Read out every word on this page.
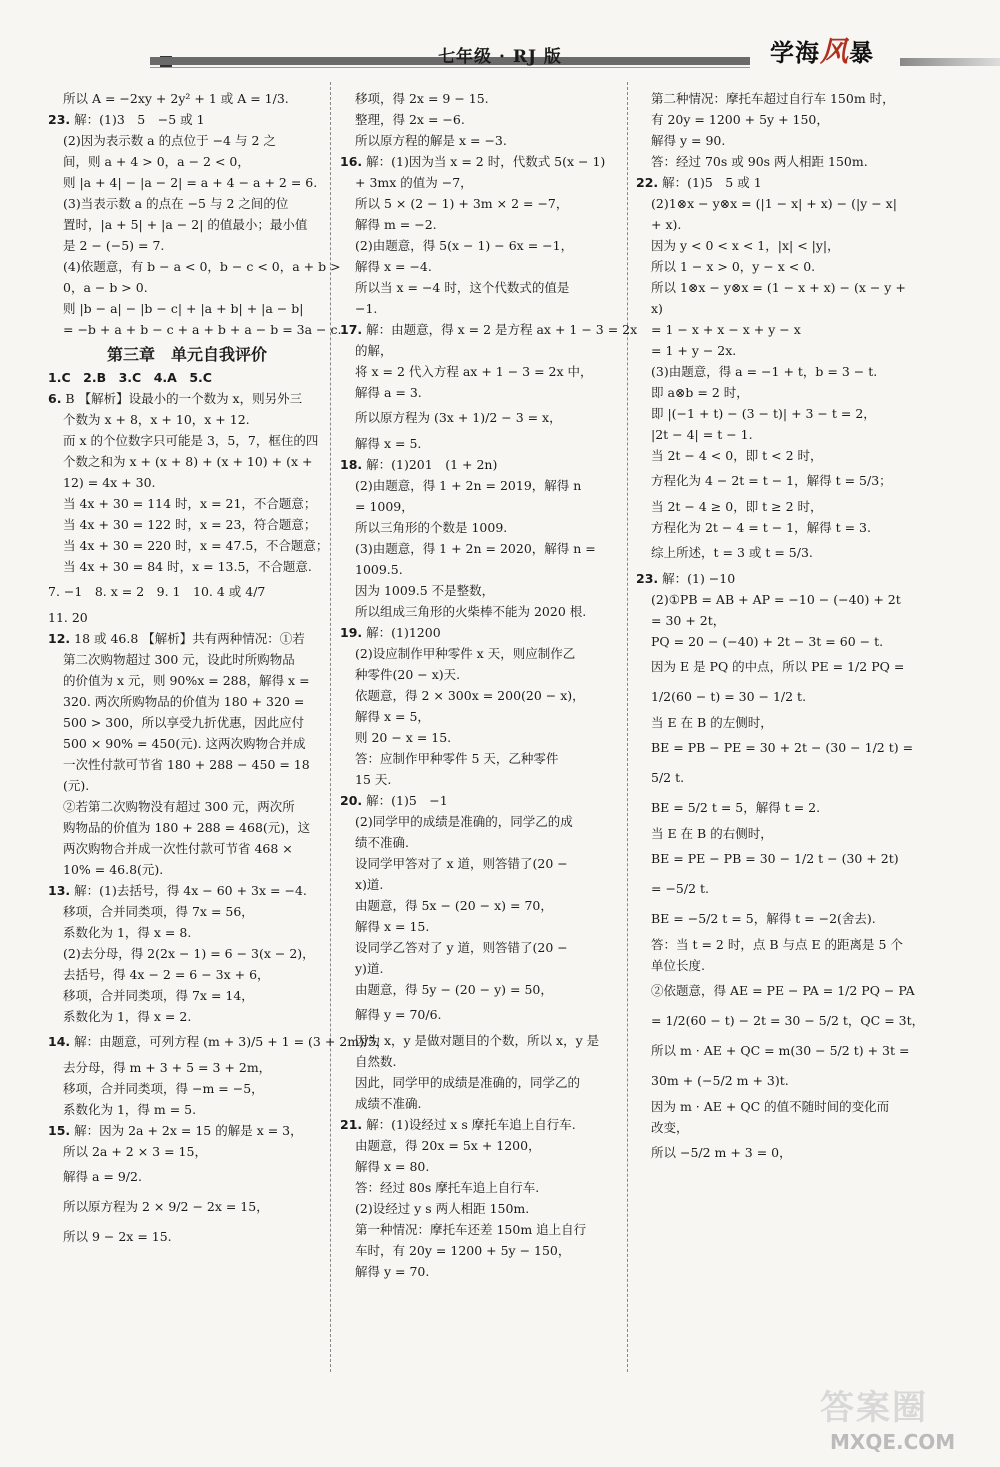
七年级 · RJ 版	学海风暴
所以 A = −2xy + 2y² + 1 或 A = 1/3.
23. 解：(1)3　5　−5 或 1
(2)因为表示数 a 的点位于 −4 与 2 之
间，则 a + 4 > 0，a − 2 < 0，
则 |a + 4| − |a − 2| = a + 4 − a + 2 = 6.
(3)当表示数 a 的点在 −5 与 2 之间的位
置时，|a + 5| + |a − 2| 的值最小；最小值
是 2 − (−5) = 7.
(4)依题意，有 b − a < 0，b − c < 0，a + b >
0，a − b > 0.
则 |b − a| − |b − c| + |a + b| + |a − b|
= −b + a + b − c + a + b + a − b = 3a − c.
第三章　单元自我评价
1.C　2.B　3.C　4.A　5.C
6. B 【解析】设最小的一个数为 x，则另外三
个数为 x + 8，x + 10，x + 12.
而 x 的个位数字只可能是 3，5，7，框住的四
个数之和为 x + (x + 8) + (x + 10) + (x +
12) = 4x + 30.
当 4x + 30 = 114 时，x = 21，不合题意；
当 4x + 30 = 122 时，x = 23，符合题意；
当 4x + 30 = 220 时，x = 47.5，不合题意；
当 4x + 30 = 84 时，x = 13.5，不合题意.
7. −1　8. x = 2　9. 1　10. 4 或 4/7
11. 20
12. 18 或 46.8 【解析】共有两种情况：①若
第二次购物超过 300 元，设此时所购物品
的价值为 x 元，则 90%x = 288，解得 x =
320. 两次所购物品的价值为 180 + 320 =
500 > 300，所以享受九折优惠，因此应付
500 × 90% = 450(元). 这两次购物合并成
一次性付款可节省 180 + 288 − 450 = 18
(元).
②若第二次购物没有超过 300 元，两次所
购物品的价值为 180 + 288 = 468(元)，这
两次购物合并成一次性付款可节省 468 ×
10% = 46.8(元).
13. 解：(1)去括号，得 4x − 60 + 3x = −4.
移项，合并同类项，得 7x = 56，
系数化为 1，得 x = 8.
(2)去分母，得 2(2x − 1) = 6 − 3(x − 2)，
去括号，得 4x − 2 = 6 − 3x + 6，
移项，合并同类项，得 7x = 14，
系数化为 1，得 x = 2.
14. 解：由题意，可列方程 (m + 3)/5 + 1 = (3 + 2m)/5，
去分母，得 m + 3 + 5 = 3 + 2m，
移项，合并同类项，得 −m = −5，
系数化为 1，得 m = 5.
15. 解：因为 2a + 2x = 15 的解是 x = 3，
所以 2a + 2 × 3 = 15，
解得 a = 9/2.
所以原方程为 2 × 9/2 − 2x = 15，
所以 9 − 2x = 15.
移项，得 2x = 9 − 15.
整理，得 2x = −6.
所以原方程的解是 x = −3.
16. 解：(1)因为当 x = 2 时，代数式 5(x − 1)
+ 3mx 的值为 −7，
所以 5 × (2 − 1) + 3m × 2 = −7，
解得 m = −2.
(2)由题意，得 5(x − 1) − 6x = −1，
解得 x = −4.
所以当 x = −4 时，这个代数式的值是
−1.
17. 解：由题意，得 x = 2 是方程 ax + 1 − 3 = 2x
的解，
将 x = 2 代入方程 ax + 1 − 3 = 2x 中，
解得 a = 3.
所以原方程为 (3x + 1)/2 − 3 = x，
解得 x = 5.
18. 解：(1)201　(1 + 2n)
(2)由题意，得 1 + 2n = 2019，解得 n
= 1009，
所以三角形的个数是 1009.
(3)由题意，得 1 + 2n = 2020，解得 n =
1009.5.
因为 1009.5 不是整数，
所以组成三角形的火柴棒不能为 2020 根.
19. 解：(1)1200
(2)设应制作甲种零件 x 天，则应制作乙
种零件(20 − x)天.
依题意，得 2 × 300x = 200(20 − x)，
解得 x = 5，
则 20 − x = 15.
答：应制作甲种零件 5 天，乙种零件
15 天.
20. 解：(1)5　−1
(2)同学甲的成绩是准确的，同学乙的成
绩不准确.
设同学甲答对了 x 道，则答错了(20 −
x)道.
由题意，得 5x − (20 − x) = 70，
解得 x = 15.
设同学乙答对了 y 道，则答错了(20 −
y)道.
由题意，得 5y − (20 − y) = 50，
解得 y = 70/6.
因为 x，y 是做对题目的个数，所以 x，y 是
自然数.
因此，同学甲的成绩是准确的，同学乙的
成绩不准确.
21. 解：(1)设经过 x s 摩托车追上自行车.
由题意，得 20x = 5x + 1200，
解得 x = 80.
答：经过 80s 摩托车追上自行车.
(2)设经过 y s 两人相距 150m.
第一种情况：摩托车还差 150m 追上自行
车时，有 20y = 1200 + 5y − 150，
解得 y = 70.
第二种情况：摩托车超过自行车 150m 时，
有 20y = 1200 + 5y + 150，
解得 y = 90.
答：经过 70s 或 90s 两人相距 150m.
22. 解：(1)5　5 或 1
(2)1⊗x − y⊗x = (|1 − x| + x) − (|y − x|
+ x).
因为 y < 0 < x < 1，|x| < |y|，
所以 1 − x > 0，y − x < 0.
所以 1⊗x − y⊗x = (1 − x + x) − (x − y +
x)
= 1 − x + x − x + y − x
= 1 + y − 2x.
(3)由题意，得 a = −1 + t，b = 3 − t.
即 a⊗b = 2 时，
即 |(−1 + t) − (3 − t)| + 3 − t = 2，
|2t − 4| = t − 1.
当 2t − 4 < 0，即 t < 2 时，
方程化为 4 − 2t = t − 1，解得 t = 5/3；
当 2t − 4 ≥ 0，即 t ≥ 2 时，
方程化为 2t − 4 = t − 1，解得 t = 3.
综上所述，t = 3 或 t = 5/3.
23. 解：(1) −10
(2)①PB = AB + AP = −10 − (−40) + 2t
= 30 + 2t，
PQ = 20 − (−40) + 2t − 3t = 60 − t.
因为 E 是 PQ 的中点，所以 PE = 1/2 PQ =
1/2(60 − t) = 30 − 1/2 t.
当 E 在 B 的左侧时，
BE = PB − PE = 30 + 2t − (30 − 1/2 t) =
5/2 t.
BE = 5/2 t = 5，解得 t = 2.
当 E 在 B 的右侧时，
BE = PE − PB = 30 − 1/2 t − (30 + 2t)
= −5/2 t.
BE = −5/2 t = 5，解得 t = −2(舍去).
答：当 t = 2 时，点 B 与点 E 的距离是 5 个
单位长度.
②依题意，得 AE = PE − PA = 1/2 PQ − PA
= 1/2(60 − t) − 2t = 30 − 5/2 t，QC = 3t，
所以 m · AE + QC = m(30 − 5/2 t) + 3t =
30m + (−5/2 m + 3)t.
因为 m · AE + QC 的值不随时间的变化而
改变，
所以 −5/2 m + 3 = 0，
答案圈
MXQE.COM
